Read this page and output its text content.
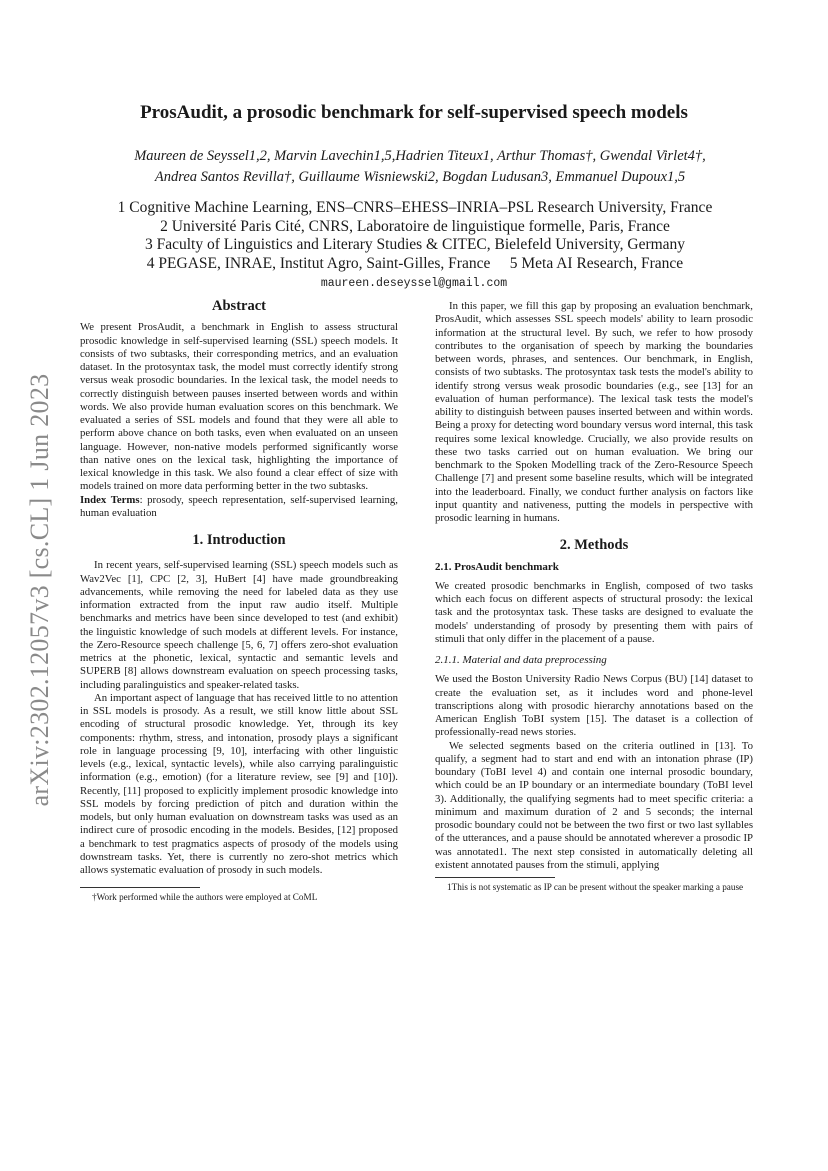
arXiv:2302.12057v3 [cs.CL] 1 Jun 2023
ProsAudit, a prosodic benchmark for self-supervised speech models
Maureen de Seyssel1,2, Marvin Lavechin1,5,Hadrien Titeux1, Arthur Thomas†, Gwendal Virlet4†,
Andrea Santos Revilla†, Guillaume Wisniewski2, Bogdan Ludusan3, Emmanuel Dupoux1,5
1 Cognitive Machine Learning, ENS–CNRS–EHESS–INRIA–PSL Research University, France
2 Université Paris Cité, CNRS, Laboratoire de linguistique formelle, Paris, France
3 Faculty of Linguistics and Literary Studies & CITEC, Bielefeld University, Germany
4 PEGASE, INRAE, Institut Agro, Saint-Gilles, France     5 Meta AI Research, France
maureen.deseyssel@gmail.com
Abstract

We present ProsAudit, a benchmark in English to assess structural prosodic knowledge in self-supervised learning (SSL) speech models. It consists of two subtasks, their corresponding metrics, and an evaluation dataset. In the protosyntax task, the model must correctly identify strong versus weak prosodic boundaries. In the lexical task, the model needs to correctly distinguish between pauses inserted between words and within words. We also provide human evaluation scores on this benchmark. We evaluated a series of SSL models and found that they were all able to perform above chance on both tasks, even when evaluated on an unseen language. However, non-native models performed significantly worse than native ones on the lexical task, highlighting the importance of lexical knowledge in this task. We also found a clear effect of size with models trained on more data performing better in the two subtasks.

Index Terms: prosody, speech representation, self-supervised learning, human evaluation

1. Introduction

In recent years, self-supervised learning (SSL) speech models such as Wav2Vec [1], CPC [2, 3], HuBert [4] have made groundbreaking advancements, while removing the need for labeled data as they use information extracted from the input raw audio itself. Multiple benchmarks and metrics have been since developed to test (and exhibit) the linguistic knowledge of such models at different levels. For instance, the Zero-Resource speech challenge [5, 6, 7] offers zero-shot evaluation metrics at the phonetic, lexical, syntactic and semantic levels and SUPERB [8] allows downstream evaluation on speech processing tasks, including paralinguistics and speaker-related tasks.

An important aspect of language that has received little to no attention in SSL models is prosody. As a result, we still know little about SSL encoding of structural prosodic knowledge. Yet, through its key components: rhythm, stress, and intonation, prosody plays a significant role in language processing [9, 10], interfacing with other linguistic levels (e.g., lexical, syntactic levels), while also carrying paralinguistic information (e.g., emotion) (for a literature review, see [9] and [10]). Recently, [11] proposed to explicitly implement prosodic knowledge into SSL models by forcing prediction of pitch and duration within the models, but only human evaluation on downstream tasks was used as an indirect cure of prosodic encoding in the models. Besides, [12] proposed a benchmark to test pragmatics aspects of prosody of the models using downstream tasks. Yet, there is currently no zero-shot metrics which allows systematic evaluation of prosody in such models.

†Work performed while the authors were employed at CoML

In this paper, we fill this gap by proposing an evaluation benchmark, ProsAudit, which assesses SSL speech models' ability to learn prosodic information at the structural level. By such, we refer to how prosody contributes to the organisation of speech by marking the boundaries between words, phrases, and sentences. Our benchmark, in English, consists of two subtasks. The protosyntax task tests the model's ability to identify strong versus weak prosodic boundaries (e.g., see [13] for an evaluation of human performance). The lexical task tests the model's ability to distinguish between pauses inserted between and within words. Being a proxy for detecting word boundary versus word internal, this task requires some lexical knowledge. Crucially, we also provide results on these two tasks carried out on human evaluation. We bring our benchmark to the Spoken Modelling track of the Zero-Resource Speech Challenge [7] and present some baseline results, which will be integrated into the leaderboard. Finally, we conduct further analysis on factors like input quantity and nativeness, putting the models in perspective with prosodic learning in humans.

2. Methods
2.1. ProsAudit benchmark

We created prosodic benchmarks in English, composed of two tasks which each focus on different aspects of structural prosody: the lexical task and the protosyntax task. These tasks are designed to evaluate the models' understanding of prosody by presenting them with pairs of stimuli that only differ in the placement of a pause.

2.1.1. Material and data preprocessing

We used the Boston University Radio News Corpus (BU) [14] dataset to create the evaluation set, as it includes word and phone-level transcriptions along with prosodic hierarchy annotations based on the American English ToBI system [15]. The dataset is a collection of professionally-read news stories.

We selected segments based on the criteria outlined in [13]. To qualify, a segment had to start and end with an intonation phrase (IP) boundary (ToBI level 4) and contain one internal prosodic boundary, which could be an IP boundary or an intermediate boundary (ToBI level 3). Additionally, the qualifying segments had to meet specific criteria: a minimum and maximum duration of 2 and 5 seconds; the internal prosodic boundary could not be between the two first or two last syllables of the utterances, and a pause should be annotated wherever a prosodic IP was annotated1. The next step consisted in automatically deleting all existent annotated pauses from the stimuli, applying

1This is not systematic as IP can be present without the speaker marking a pause
